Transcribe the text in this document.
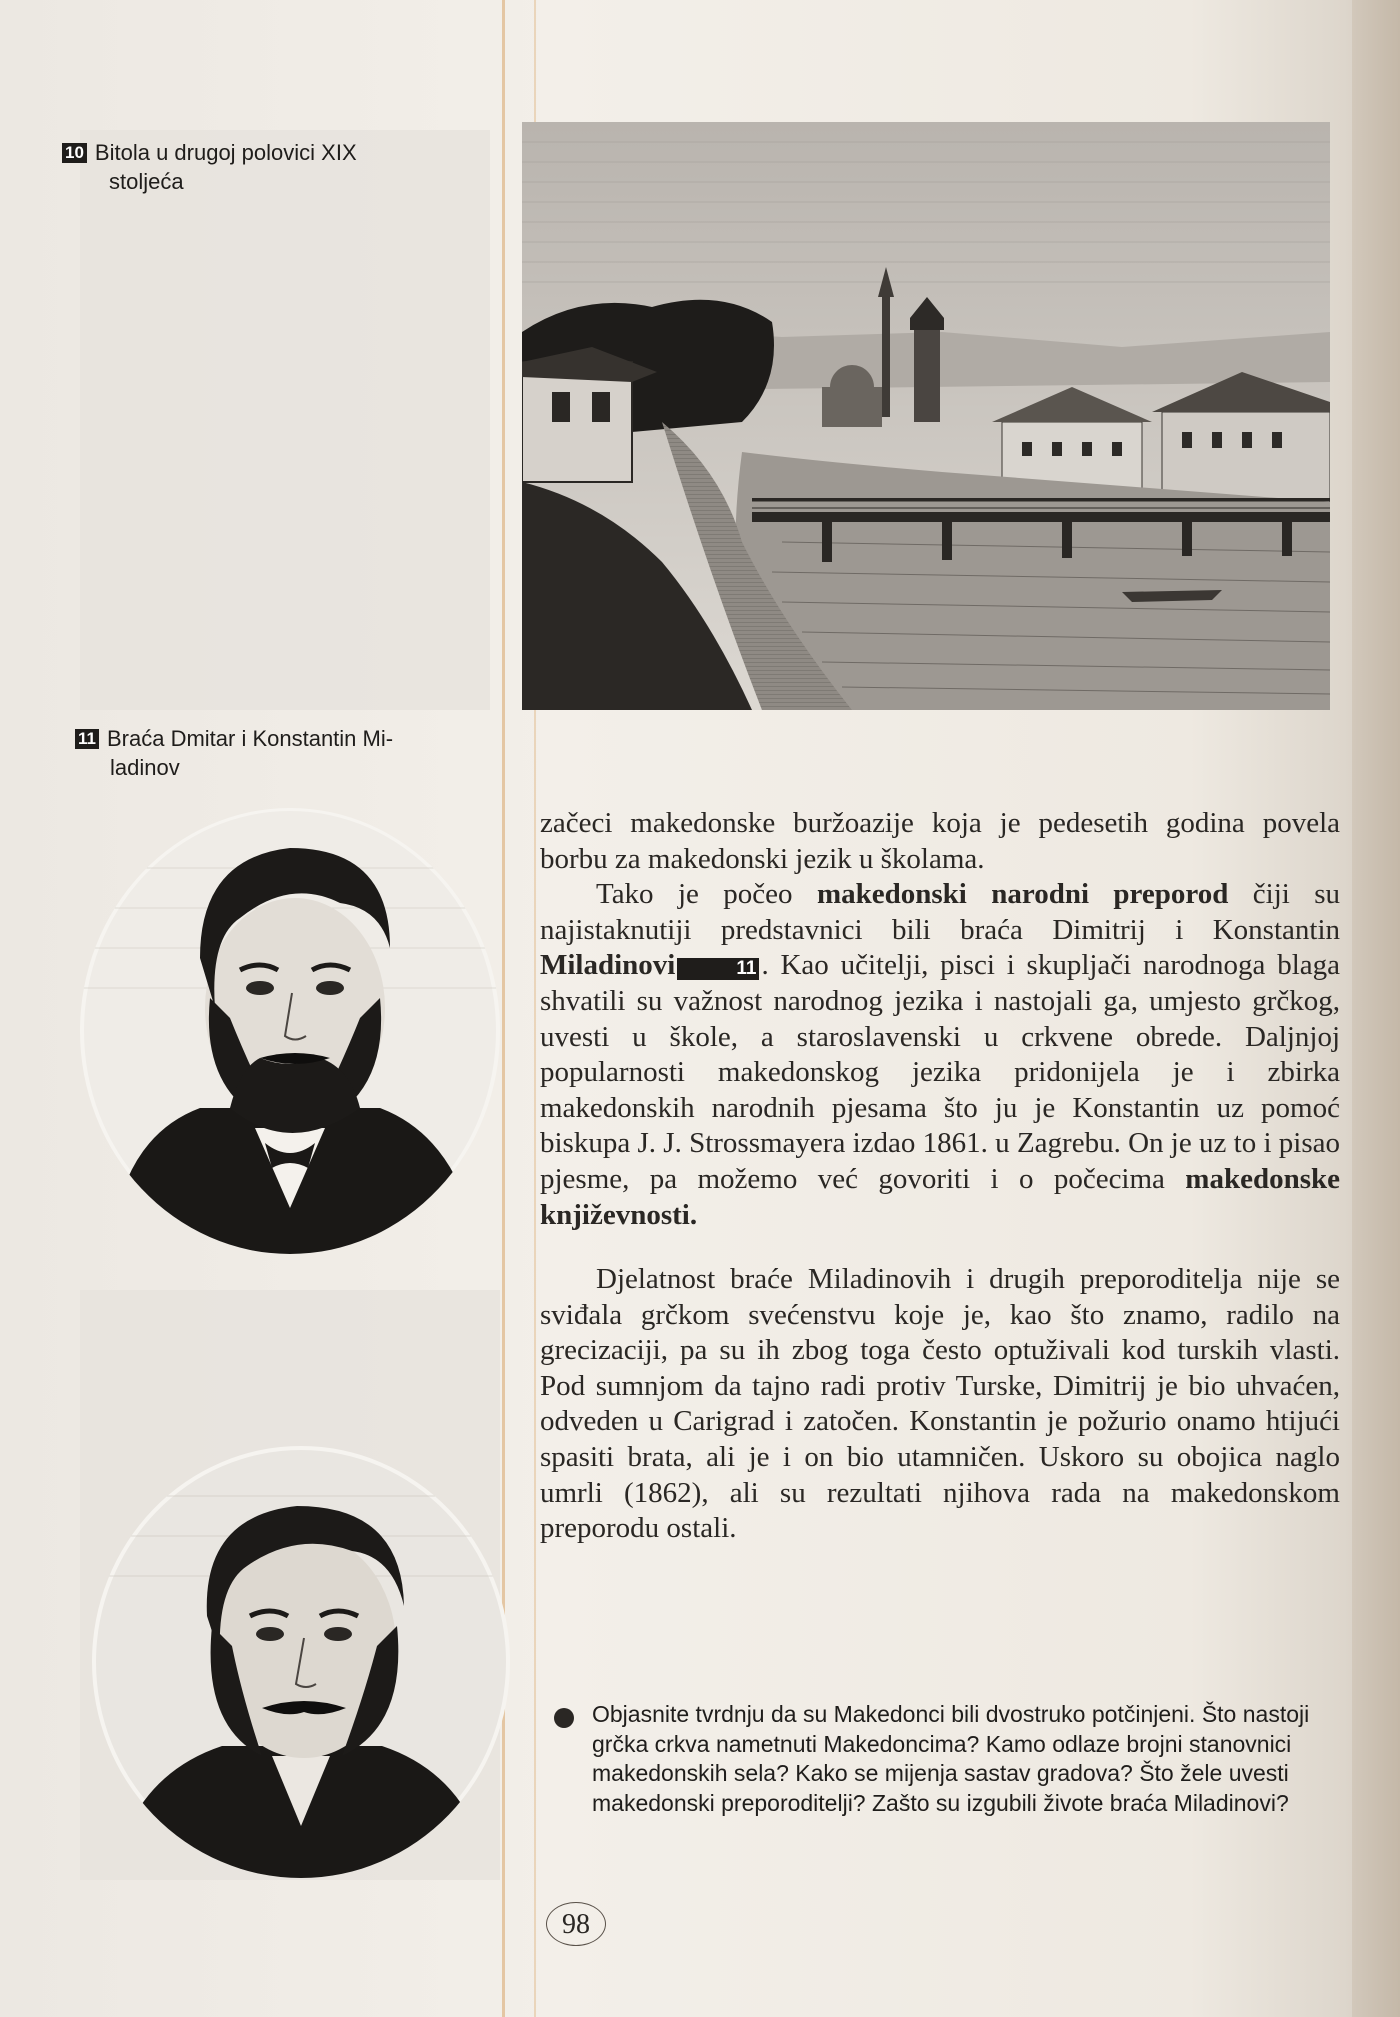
10 Bitola u drugoj polovici XIX
stoljeća
11 Braća Dmitar i Konstantin Mi-
ladinov

začeci makedonske buržoazije koja je pedesetih godina povela borbu za makedonski jezik u školama.

Tako je počeo makedonski narodni preporod čiji su najistaknutiji predstavnici bili braća Dimitrij i Konstantin Miladinovi	11 . Kao učitelji, pisci i skupljači narodnoga blaga shvatili su važnost narodnog jezika i nastojali ga, umjesto grčkog, uvesti u škole, a staroslavenski u crkvene obrede. Daljnjoj popularnosti makedonskog jezika pridonijela je i zbirka makedonskih narodnih pjesama što ju je Konstantin uz pomoć biskupa J. J. Strossmayera izdao 1861. u Zagrebu. On je uz to i pisao pjesme, pa možemo već govoriti i o počecima makedonske književnosti.

Djelatnost braće Miladinovih i drugih preporoditelja nije se sviđala grčkom svećenstvu koje je, kao što znamo, radilo na grecizaciji, pa su ih zbog toga često optuživali kod turskih vlasti. Pod sumnjom da tajno radi protiv Turske, Dimitrij je bio uhvaćen, odveden u Carigrad i zatočen. Konstantin je požurio onamo htijući spasiti brata, ali je i on bio utamničen. Uskoro su obojica naglo umrli (1862), ali su rezultati njihova rada na makedonskom preporodu ostali.

Objasnite tvrdnju da su Makedonci bili dvostruko potčinjeni. Što nastoji grčka crkva nametnuti Makedoncima? Kamo odlaze brojni stanovnici makedonskih sela? Kako se mijenja sastav gradova? Što žele uvesti makedonski preporoditelji? Zašto su izgubili živote braća Miladinovi?
98
